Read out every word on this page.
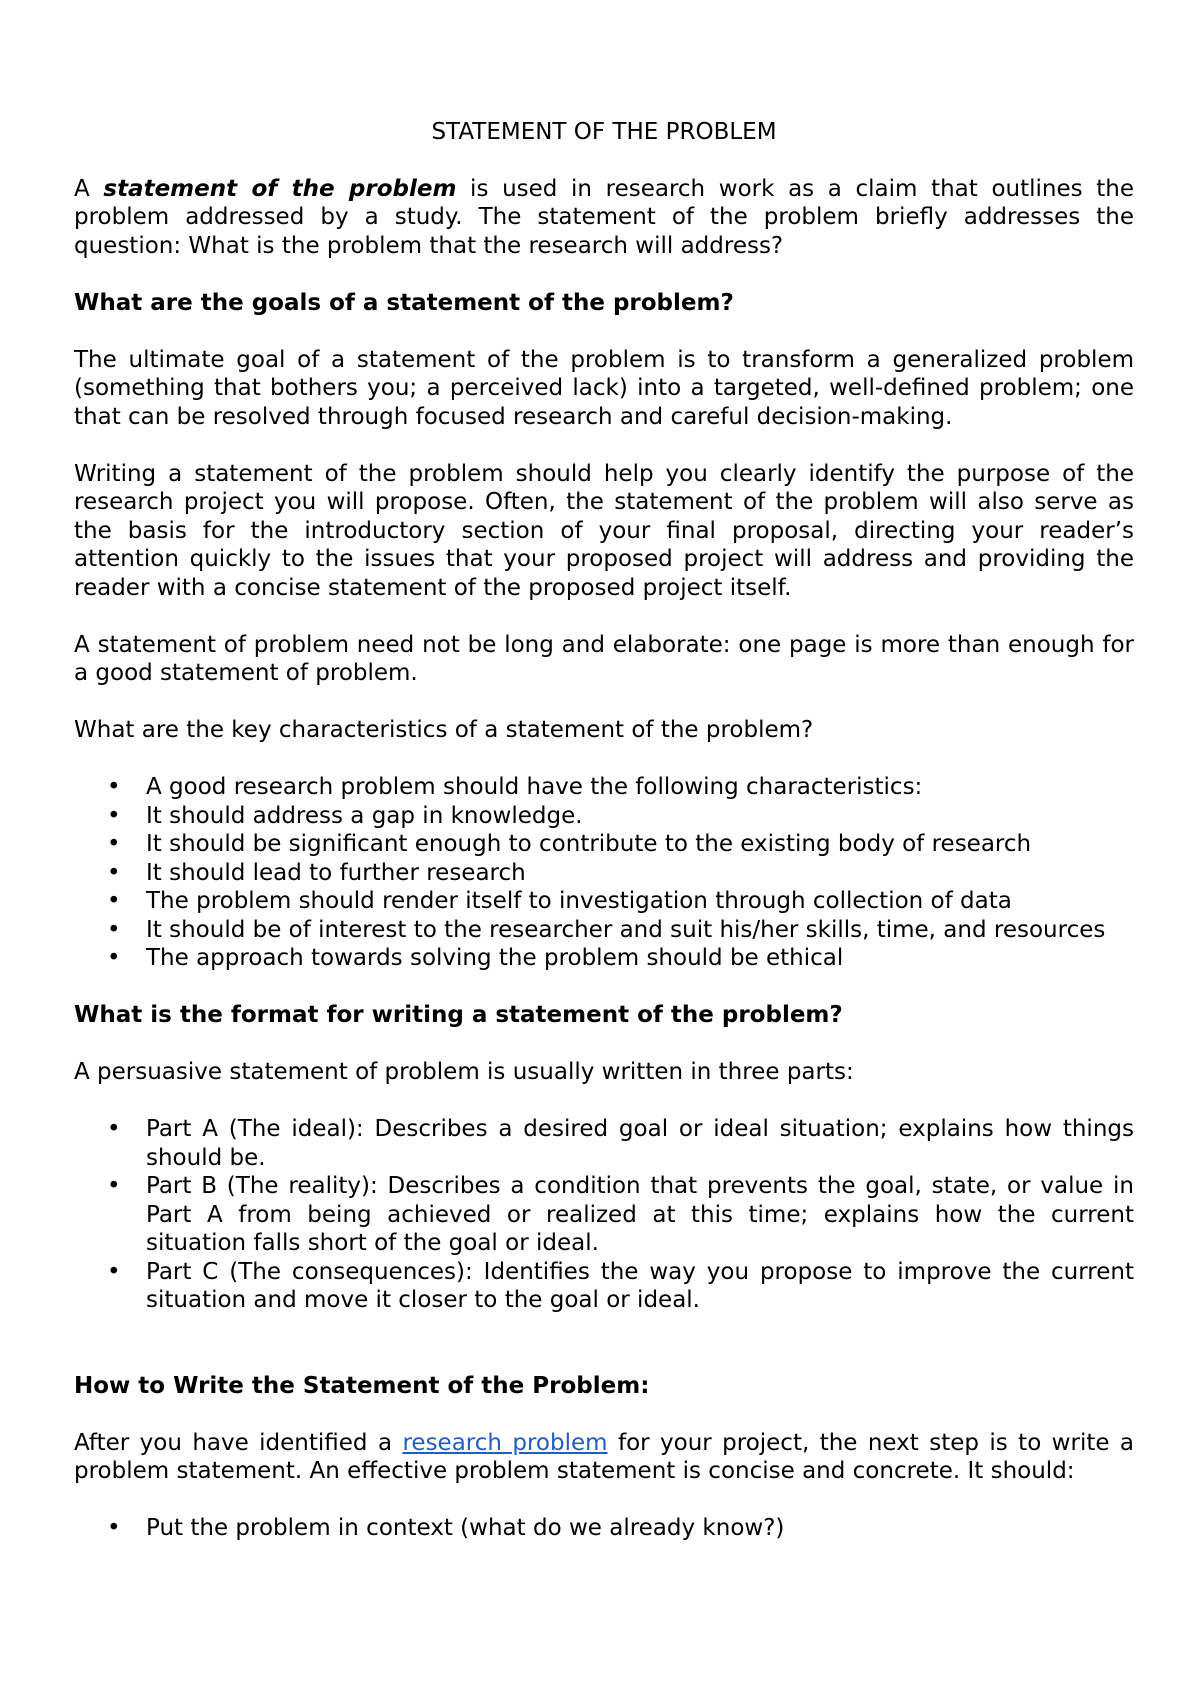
STATEMENT OF THE PROBLEM

A statement of the problem is used in research work as a claim that outlines the problem addressed by a study. The statement of the problem briefly addresses the question: What is the problem that the research will address?

What are the goals of a statement of the problem?

The ultimate goal of a statement of the problem is to transform a generalized problem (something that bothers you; a perceived lack) into a targeted, well-defined problem; one that can be resolved through focused research and careful decision-making.

Writing a statement of the problem should help you clearly identify the purpose of the research project you will propose. Often, the statement of the problem will also serve as the basis for the introductory section of your final proposal, directing your reader’s attention quickly to the issues that your proposed project will address and providing the reader with a concise statement of the proposed project itself.

A statement of problem need not be long and elaborate: one page is more than enough for a good statement of problem.

What are the key characteristics of a statement of the problem?

• A good research problem should have the following characteristics:
• It should address a gap in knowledge.
• It should be significant enough to contribute to the existing body of research
• It should lead to further research
• The problem should render itself to investigation through collection of data
• It should be of interest to the researcher and suit his/her skills, time, and resources
• The approach towards solving the problem should be ethical
What is the format for writing a statement of the problem?

A persuasive statement of problem is usually written in three parts:

• Part A (The ideal): Describes a desired goal or ideal situation; explains how things should be.
• Part B (The reality): Describes a condition that prevents the goal, state, or value in Part A from being achieved or realized at this time; explains how the current situation falls short of the goal or ideal.
• Part C (The consequences): Identifies the way you propose to improve the current situation and move it closer to the goal or ideal.
How to Write the Statement of the Problem:

After you have identified a research problem for your project, the next step is to write a problem statement. An effective problem statement is concise and concrete. It should:

• Put the problem in context (what do we already know?)
